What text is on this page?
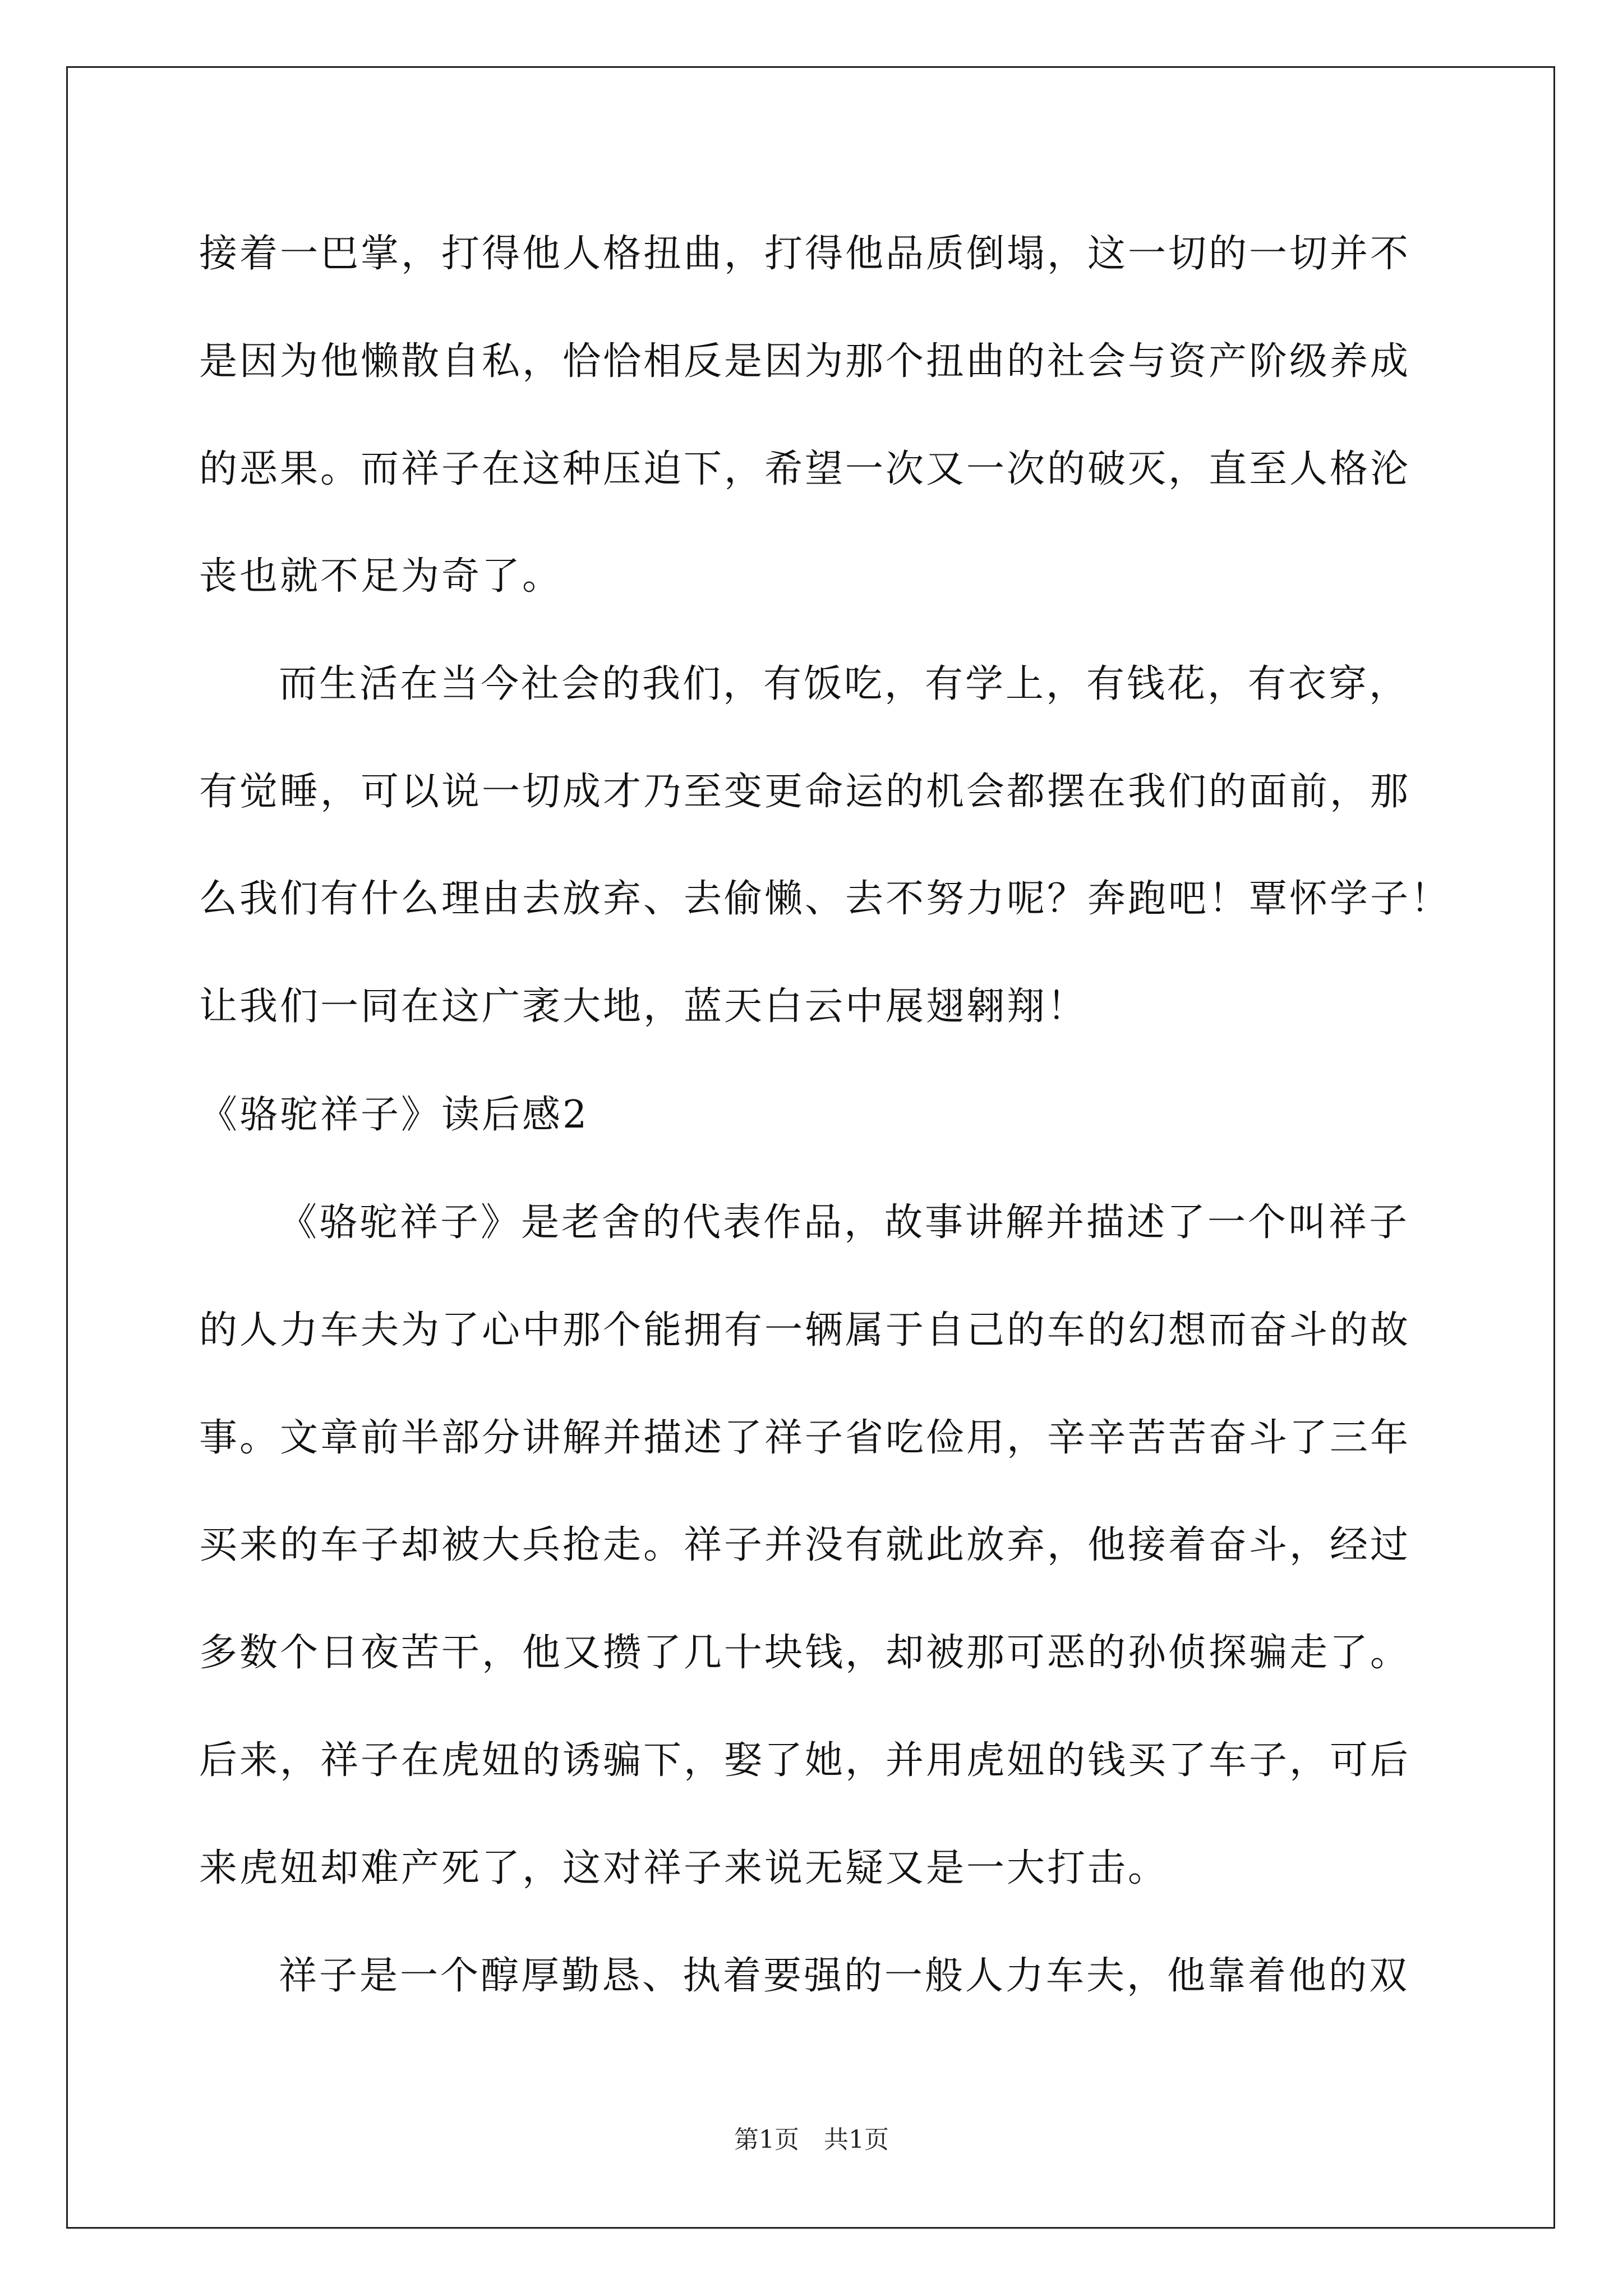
接着一巴掌，打得他人格扭曲，打得他品质倒塌，这一切的一切并不
是因为他懒散自私，恰恰相反是因为那个扭曲的社会与资产阶级养成
的恶果。而祥子在这种压迫下，希望一次又一次的破灭，直至人格沦
丧也就不足为奇了。
而生活在当今社会的我们，有饭吃，有学上，有钱花，有衣穿，
有觉睡，可以说一切成才乃至变更命运的机会都摆在我们的面前，那
么我们有什么理由去放弃、去偷懒、去不努力呢？奔跑吧！覃怀学子！
让我们一同在这广袤大地，蓝天白云中展翅翱翔！
《骆驼祥子》读后感2
《骆驼祥子》是老舍的代表作品，故事讲解并描述了一个叫祥子
的人力车夫为了心中那个能拥有一辆属于自己的车的幻想而奋斗的故
事。文章前半部分讲解并描述了祥子省吃俭用，辛辛苦苦奋斗了三年
买来的车子却被大兵抢走。祥子并没有就此放弃，他接着奋斗，经过
多数个日夜苦干，他又攒了几十块钱，却被那可恶的孙侦探骗走了。
后来，祥子在虎妞的诱骗下，娶了她，并用虎妞的钱买了车子，可后
来虎妞却难产死了，这对祥子来说无疑又是一大打击。
祥子是一个醇厚勤恳、执着要强的一般人力车夫，他靠着他的双
第1页　共1页
